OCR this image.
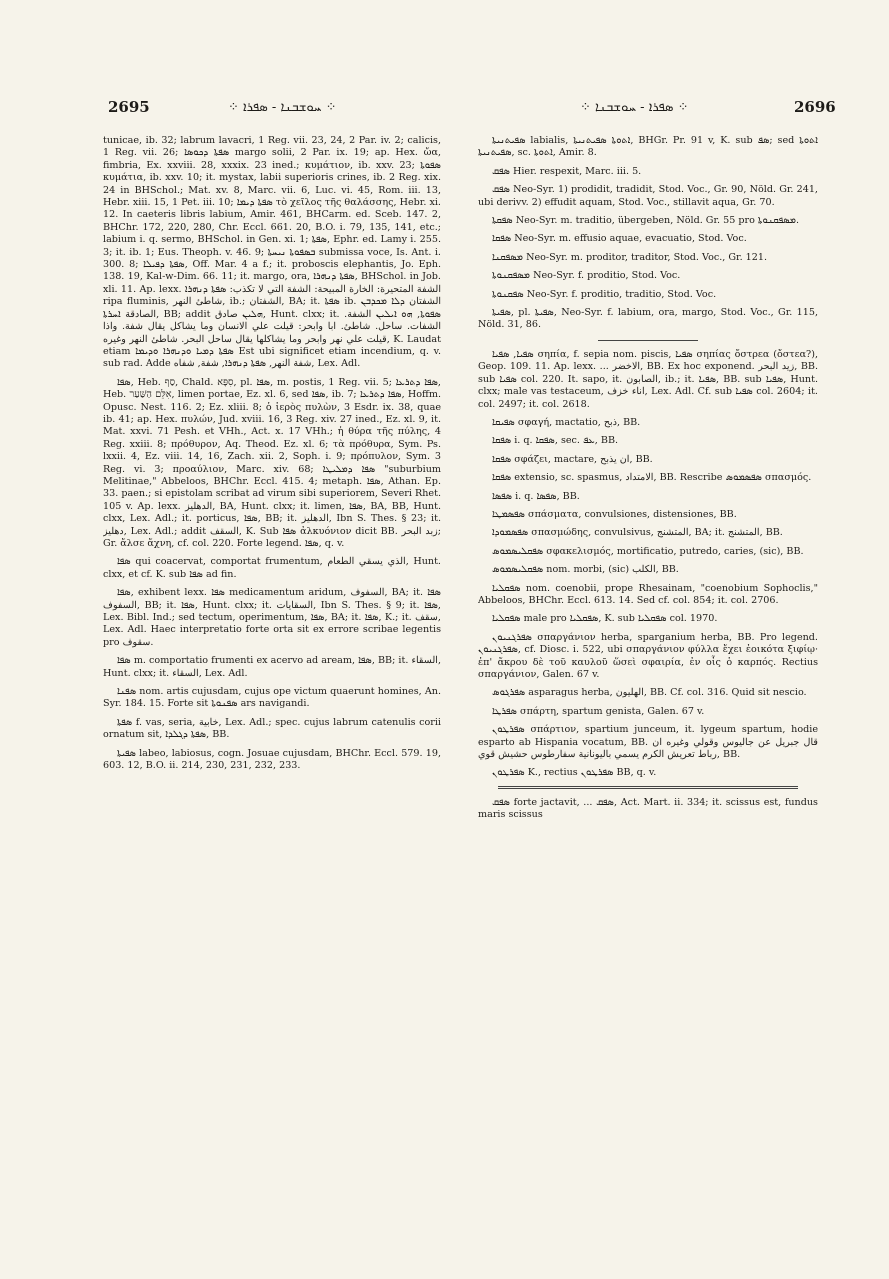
2695	⁘ ܚܘܫܒܢܐ - ܣܦܪܐ ⁘	⁘ ܣܦܪܐ - ܚܘܫܒܢܐ ⁘	2696

tunicae, ib. 32; labrum lavacri, 1 Reg. vii. 23, 24, 2 Par. iv. 2; calicis, 1 Reg. vii. 26; ܣܦܬܐ ܕܟܘܣܐ margo solii, 2 Par. ix. 19; ap. Hex. ὤα, fimbria, Ex. xxviii. 28, xxxix. 23 ined.; κυμάτιον, ib. xxv. 23; ܣܦܘܬܐ κυμάτια, ib. xxv. 10; it. mystax, labii superioris crines, ib. 2 Reg. xix. 24 in BHSchol.; Mat. xv. 8, Marc. vii. 6, Luc. vi. 45, Rom. iii. 13, Hebr. xiii. 15, 1 Pet. iii. 10; ܣܦܬܐ ܕܝܡܐ τὸ χεῖλος τῆς θαλάσσης, Hebr. xi. 12. In caeteris libris labium, Amir. 461, BHCarm. ed. Sceb. 147. 2, BHChr. 172, 220, 280, Chr. Eccl. 661. 20, B.O. i. 79, 135, 141, etc.; labium i. q. sermo, BHSchol. in Gen. xi. 1; ܣܦܬܐ, Ephr. ed. Lamy i. 255. 3; it. ib. 1; Eus. Theoph. v. 46. 9; ܒܣܦܘܬܐ ܢܝܚܬܐ submissa voce, Is. Ant. i. 300. 8; ܣܦܬܐ ܕܦܝܠܐ, Off. Mar. 4 a f.; it. proboscis elephantis, Jo. Eph. 138. 19, Kal-w-Dim. 66. 11; it. margo, ora, ܣܦܬܐ ܕܢܗܪܐ, BHSchol. in Job. xli. 11. Ap. lexx. الشفة المتحيرة: الخارة المبيحة: الشفة التي لا تكذب: ܣܦܬܐ ܕܢܗܪܐ ripa fluminis, شاطئ النهر, ib.; الشفتان, BA; it. ܣܦܬܐ ib. الشفتان ܕܠܐ ܡܟܕܒܢ الصادقة ܐܚܪܬܐ, BB; addit ܗܠܝܢ صادق, Hunt. clxx; it. ܣܦܘܬܐ, ܗܘ ܐܝܠܝܢ الشفة. الشفات. ساحل. شاطئ. ابا وابحر: قيلت علي الانسان وما يشاكل يقال شفة. واذا قيلت علي نهر وابحر وما يشاكلها يقال ساحل البحر. شاطئ النهر وغيره, K. Laudat etiam ܣܦܬܐ ܕܡܝܐ ܘܕܢܗܪܐ ܘܕܝܡܐ Est ubi significet etiam incendium, q. v. sub rad. Adde شفة النهر, ܣܦܬܐ ܕܢܗܪܐ, شفة, شفاه, Lex. Adl.

ܣܦܐ, Heb. סַף, Chald. סִפָּא, pl. ܣܦܐ, m. postis, 1 Reg. vii. 5; ܣܦܐ ܕܬܪܥܐ, Heb. אִלֵּם הַשַּׁעַר, limen portae, Ez. xl. 6, sed ܣܦܐ, ib. 7; ܣܦܐ ܕܬܪܥܐ, Hoffm. Opusc. Nest. 116. 2; Ez. xliii. 8; ὁ ἱερὸς πυλὼν, 3 Esdr. ix. 38, quae ib. 41; ap. Hex. πυλών, Jud. xviii. 16, 3 Reg. xiv. 27 ined., Ez. xl. 9, it. Mat. xxvi. 71 Pesh. et VHh., Act. x. 17 VHh.; ἡ θύρα τῆς πύλης, 4 Reg. xxiii. 8; πρόθυρον, Aq. Theod. Ez. xl. 6; τὰ πρόθυρα, Sym. Ps. lxxii. 4, Ez. viii. 14, 16, Zach. xii. 2, Soph. i. 9; πρόπυλον, Sym. 3 Reg. vi. 3; προαύλιον, Marc. xiv. 68; ܣܦܐ ܕܡܠܝܛܐ "suburbium Melitinae," Abbeloos, BHChr. Eccl. 415. 4; metaph. ܣܦܐ, Athan. Ep. 33. paen.; si epistolam scribat ad virum sibi superiorem, Severi Rhet. 105 v. Ap. lexx. الدهليز, BA, Hunt. clxx; it. limen, ܣܦܐ, BA, BB, Hunt. clxx, Lex. Adl.; it. porticus, ܣܦܐ, BB; it. الدهليز, Ibn S. Thes. § 23; it. دهليز, Lex. Adl.; addit السقف, K. Sub ܣܦܐ ἀλκυόνιον dicit BB. زبد البحر; Gr. ἄλσε ἄχνη, cf. col. 220. Forte legend. ܣܦܐ, q. v.

ܣܦܐ qui coacervat, comportat frumentum, الذي يسقي الطعام, Hunt. clxx, et cf. K. sub ܣܦܐ ad fin.

ܣܦܐ, exhibent lexx. ܣܦܐ medicamentum aridum, السفوف, BA; it. ܣܦܐ السفوف, BB; it. ܣܦܐ, Hunt. clxx; it. السقايات, Ibn S. Thes. § 9; it. ܣܦܐ, Lex. Bibl. Ind.; sed tectum, operimentum, ܣܦܐ, BA; it. ܣܦܐ, K.; it. سقف, Lex. Adl. Haec interpretatio forte orta sit ex errore scribae legentis pro سقوف.

ܣܦܐ m. comportatio frumenti ex acervo ad aream, ܣܦܐ, BB; it. السقاء, Hunt. clxx; it. السقاء, Lex. Adl.

ܣܦܢܐ nom. artis cujusdam, cujus ope victum quaerunt homines, An. Syr. 184. 15. Forte sit ܣܦܢܘܬܐ ars navigandi.

ܣܦܬܐ f. vas, seria, خابية, Lex. Adl.; spec. cujus labrum catenulis corii ornatum sit, ܣܦܬܐ ܕܓܠܕܐ, BB.

ܣܦܝܬܐ labeo, labiosus, cogn. Josuae cujusdam, BHChr. Eccl. 579. 19, 603. 12, B.O. ii. 214, 230, 231, 232, 233.

ܣܦܝܬܢܝܬܐ labialis, ܐܬܘܬܐ ܣܦܝܬܢܝܬܐ, BHGr. Pr. 91 v, K. sub ܣܦ; sed ܐܬܘܬܐ ܣܦܝܬܢܝܬܐ, sc. ܐܬܘܬܐ, Amir. 8.

ܣܦܩ Hier. respexit, Marc. iii. 5.

ܣܦܩ Neo-Syr. 1) prodidit, tradidit, Stod. Voc., Gr. 90, Nöld. Gr. 241, ubi derivv. 2) effudit aquam, Stod. Voc., stillavit aqua, Gr. 70.

ܣܦܩܬܐ Neo-Syr. m. traditio, übergeben, Nöld. Gr. 55 pro ܡܣܦܩܢܘܬܐ.

ܣܦܩܐ Neo-Syr. m. effusio aquae, evacuatio, Stod. Voc.

ܡܣܦܩܢܐ Neo-Syr. m. proditor, traditor, Stod. Voc., Gr. 121.

ܡܣܦܩܢܘܬܐ Neo-Syr. f. proditio, Stod. Voc.

ܣܦܩܢܘܬܐ Neo-Syr. f. proditio, traditio, Stod. Voc.

ܣܦܝܬܐ, pl. ܣܦܝܬܐ, Neo-Syr. f. labium, ora, margo, Stod. Voc., Gr. 115, Nöld. 31, 86.

ܣܦܝܐ, ܣܦܝܐ σηπία, f. sepia nom. piscis, ܣܦܝܐ σηπίας ὄστρεα (ὄστεα?), Geop. 109. 11. Ap. lexx. ... الاخضر, BB. Ex hoc exponend. زيد البحر, BB. sub ܣܦܝܐ col. 220. It. sapo, it. الصابون, ib.; it. ܣܦܝܐ, BB. sub ܣܦܝܐ, Hunt. clxx; male vas testaceum, اناء خزف, Lex. Adl. Cf. sub ܣܦܝܐ col. 2604; it. col. 2497; it. col. 2618.

ܣܦܝܩܐ σφαγή, mactatio, ذبح, BB.

ܣܦܩܐ i. q. ܣܦܩܐ, sec. ܥܦ, BB.

ܣܦܩܐ σφάζει, mactare, ان يذبح, BB.

ܣܦܩܐ extensio, sc. spasmus, الامتداد, BB. Rescribe ܣܦܣܡܘܣ σπασμός.

ܣܦܣܐ i. q. ܣܦܣܐ, BB.

ܣܦܣܡܛܐ σπάσματα, convulsiones, distensiones, BB.

ܣܦܣܡܘܕܐ σπασμώδης, convulsivus, المتشنج, BA; it. المتشنج, BB.

ܣܦܩܠܝܣܡܘܣ σφακελισμός, mortificatio, putredo, caries, (sic), BB.

ܣܦܩܠܝܣܡܘܣ nom. morbi, (sic) الكلب, BB.

ܣܦܩܠܝܐ nom. coenobii, prope Rhesainam, "coenobium Sophoclis," Abbeloos, BHChr. Eccl. 613. 14. Sed cf. col. 854; it. col. 2706.

ܣܦܩܠܝܐ male pro ܣܦܩܠܝܐ, K. sub ܣܦܩܠܝܐ col. 1970.

ܣܦܪܓܢܝܘܢ σπαργάνιον herba, sparganium herba, BB. Pro legend. ܣܦܪܓܢܝܘܢ, cf. Diosc. i. 522, ubi σπαργάνιον φύλλα ἔχει ἐοικότα ξιφίῳ· ἐπ' ἄκρου δὲ τοῦ καυλοῦ ὥσεὶ σφαιρία, ἐν οἷς ὁ καρπός. Rectius σπαργάνιον, Galen. 67 v.

ܣܦܪܓܘܣ asparagus herba, الهليون, BB. Cf. col. 316. Quid sit nescio.

ܣܦܪܛܐ σπάρτη, spartum genista, Galen. 67 v.

ܣܦܪܛܘܢ σπάρτιον, spartium junceum, it. lygeum spartum, hodie esparto ab Hispania vocatum, BB. قال جبريل عن جاليوس وقولي وغيره ان رباط تعريش الكرم يسمي باليونانية سفارطوس حشيش قوي, BB.

ܣܦܪܛܘܢ K., rectius ܣܦܪܛܘܢ BB, q. v.

ܣܦܩ forte jactavit, ... ܣܦܩ, Act. Mart. ii. 334; it. scissus est, fundus maris scissus
